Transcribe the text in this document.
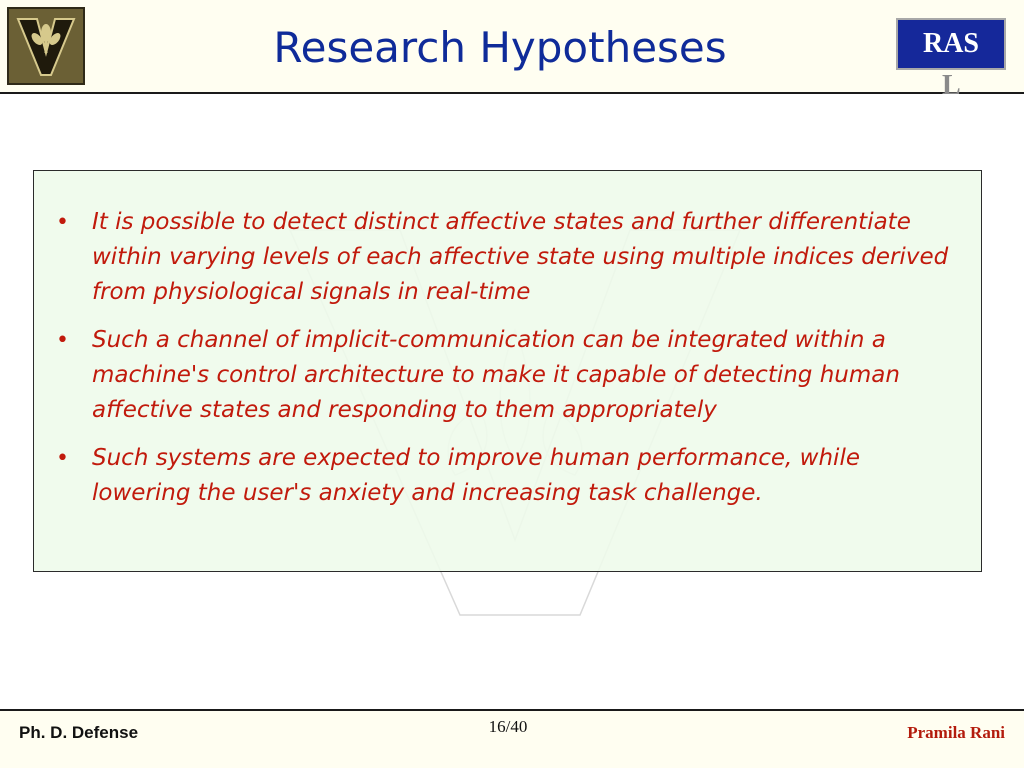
Research Hypotheses	RAS
L
• It is possible to detect distinct affective states and further differentiate within varying levels of each affective state using multiple indices derived from physiological signals in real-time
• Such a channel of implicit-communication can be integrated within a machine's control architecture to make it capable of detecting human affective states and responding to them appropriately
• Such systems are expected to improve human performance, while lowering the user's anxiety and increasing task challenge.
Ph. D. Defense	16/40	Pramila Rani
